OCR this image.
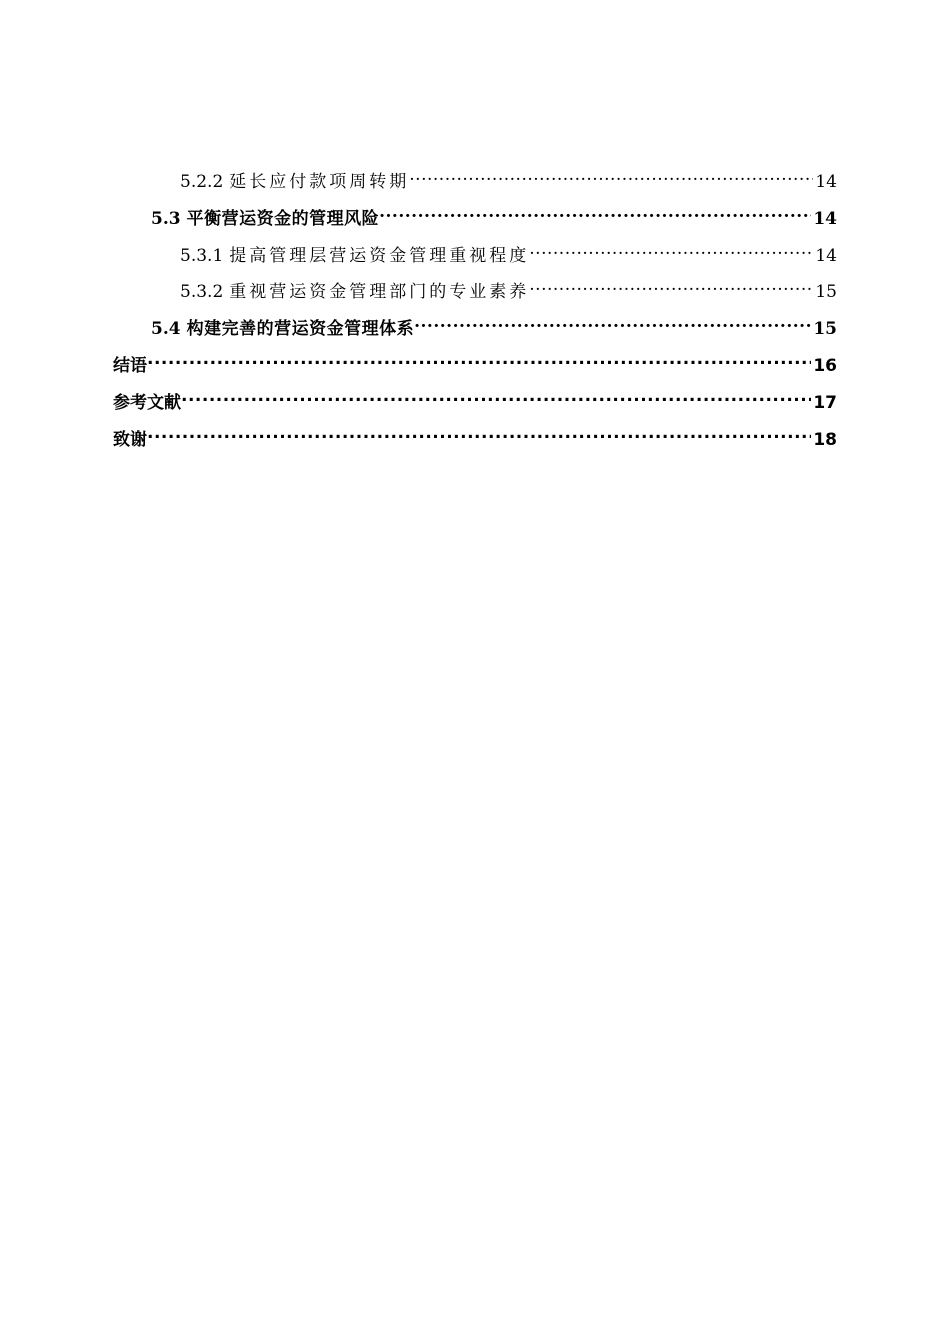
5.2.2 延长应付款项周转期 .....	14
5.3 平衡营运资金的管理风险 .....	14
5.3.1 提高管理层营运资金管理重视程度 .....	14
5.3.2 重视营运资金管理部门的专业素养 .....	15
5.4 构建完善的营运资金管理体系 .....	15
结语 .....	16
参考文献 .....	17
致谢 .....	18
